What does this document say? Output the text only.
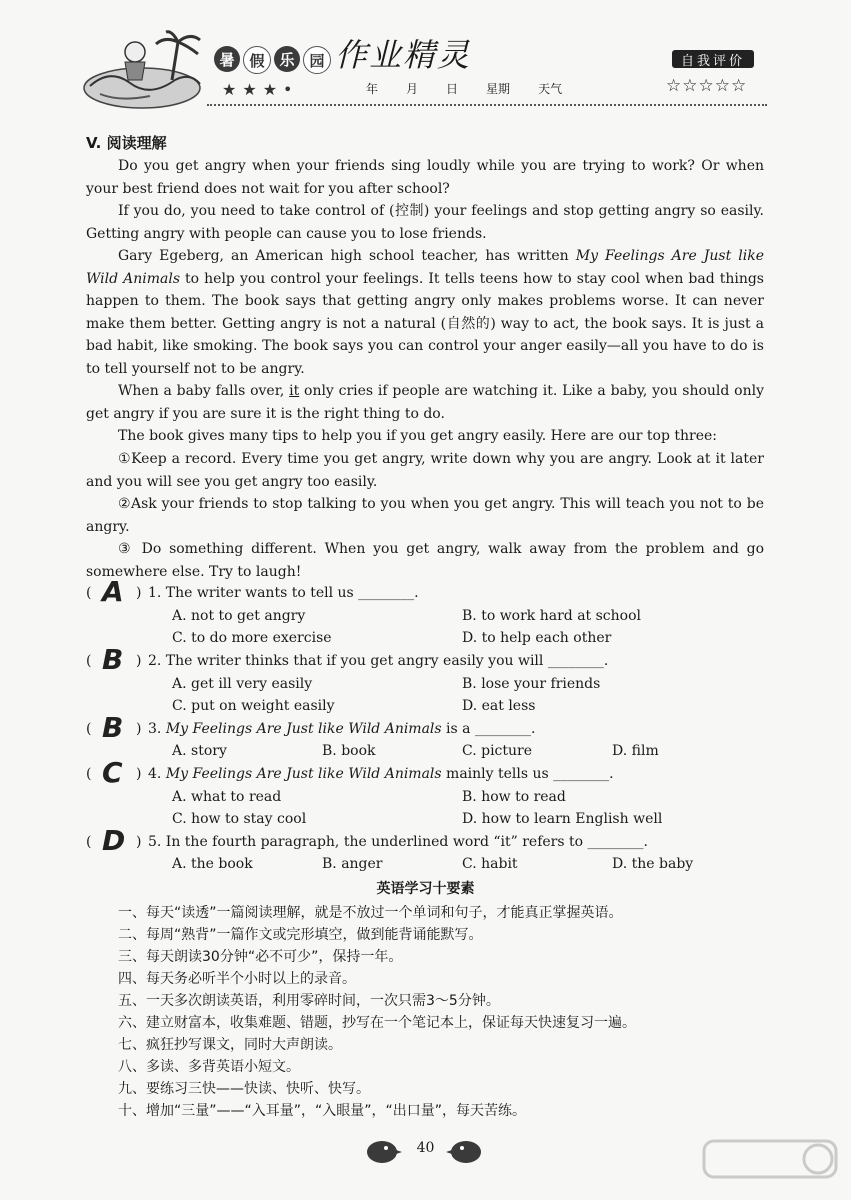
暑 假 乐 园
★★★•
作业精灵
年 月 日 星期 天气
自我评价
☆☆☆☆☆
V. 阅读理解
Do you get angry when your friends sing loudly while you are trying to work? Or when your best friend does not wait for you after school?
If you do, you need to take control of (控制) your feelings and stop getting angry so easily. Getting angry with people can cause you to lose friends.
Gary Egeberg, an American high school teacher, has written My Feelings Are Just like Wild Animals to help you control your feelings. It tells teens how to stay cool when bad things happen to them. The book says that getting angry only makes problems worse. It can never make them better. Getting angry is not a natural (自然的) way to act, the book says. It is just a bad habit, like smoking. The book says you can control your anger easily—all you have to do is to tell yourself not to be angry.
When a baby falls over, it only cries if people are watching it. Like a baby, you should only get angry if you are sure it is the right thing to do.
The book gives many tips to help you if you get angry easily. Here are our top three:
①Keep a record. Every time you get angry, write down why you are angry. Look at it later and you will see you get angry too easily.
②Ask your friends to stop talking to you when you get angry. This will teach you not to be angry.
③ Do something different. When you get angry, walk away from the problem and go somewhere else. Try to laugh!
( A ) 1. The writer wants to tell us ________.
A. not to get angry	B. to work hard at school
C. to do more exercise	D. to help each other
( B ) 2. The writer thinks that if you get angry easily you will ________.
A. get ill very easily	B. lose your friends
C. put on weight easily	D. eat less
( B ) 3. My Feelings Are Just like Wild Animals is a ________.
A. story	B. book	C. picture	D. film
( C ) 4. My Feelings Are Just like Wild Animals mainly tells us ________.
A. what to read	B. how to read
C. how to stay cool	D. how to learn English well
( D ) 5. In the fourth paragraph, the underlined word “it” refers to ________.
A. the book	B. anger	C. habit	D. the baby
英语学习十要素
一、每天“读透”一篇阅读理解，就是不放过一个单词和句子，才能真正掌握英语。
二、每周“熟背”一篇作文或完形填空，做到能背诵能默写。
三、每天朗读30分钟“必不可少”，保持一年。
四、每天务必听半个小时以上的录音。
五、一天多次朗读英语，利用零碎时间，一次只需3～5分钟。
六、建立财富本，收集难题、错题，抄写在一个笔记本上，保证每天快速复习一遍。
七、疯狂抄写课文，同时大声朗读。
八、多读、多背英语小短文。
九、要练习三快——快读、快听、快写。
十、增加“三量”——“入耳量”，“入眼量”，“出口量”，每天苦练。
40
